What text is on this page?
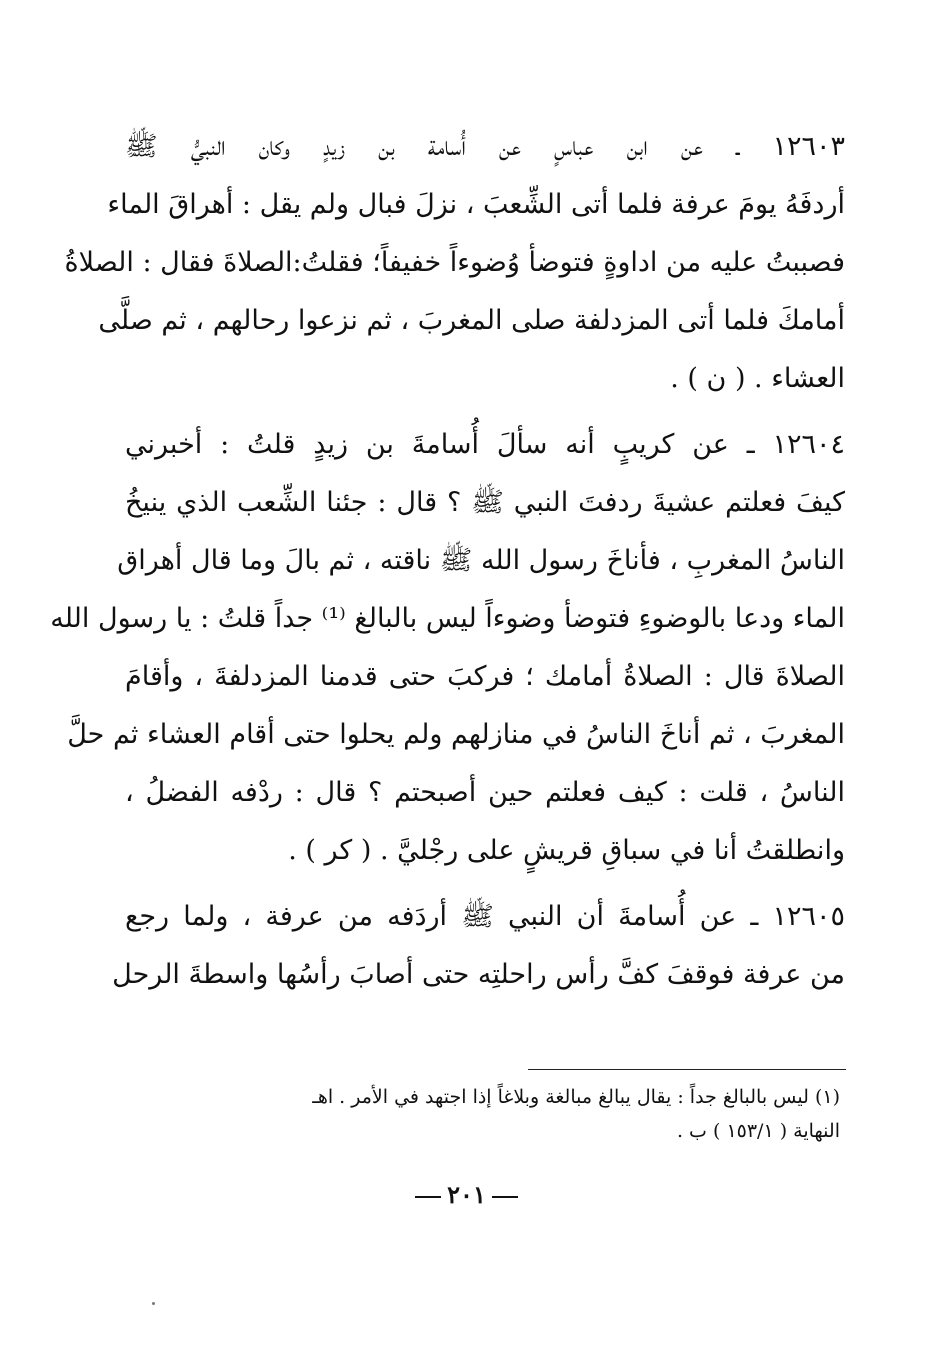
١٢٦٠٣ ـ عن ابن عباسٍ عن أُسامة بن زيدٍ وكان النبيُّ ﷺ
أردفَهُ يومَ عرفة فلما أتى الشِّعبَ ، نزلَ فبال ولم يقل : أهراقَ الماء
فصببتُ عليه من اداوةٍ فتوضأ وُضوءاً خفيفاً؛ فقلتُ:الصلاةَ فقال : الصلاةُ
أمامكَ فلما أتى المزدلفة صلى المغربَ ، ثم نزعوا رحالهم ، ثم صلَّى
العشاء . ( ن ) .
١٢٦٠٤ ـ عن كريبٍ أنه سألَ أُسامةَ بن زيدٍ قلتُ : أخبرني
كيفَ فعلتم عشيةَ ردفتَ النبي ﷺ ؟ قال : جئنا الشِّعب الذي ينيخُ
الناسُ المغربِ ، فأناخَ رسول الله ﷺ ناقته ، ثم بالَ وما قال أهراق
الماء ودعا بالوضوءِ فتوضأ وضوءاً ليس بالبالغ ⁽¹⁾ جداً قلتُ : يا رسول الله
الصلاةَ قال : الصلاةُ أمامك ؛ فركبَ حتى قدمنا المزدلفةَ ، وأقامَ
المغربَ ، ثم أناخَ الناسُ في منازلهم ولم يحلوا حتى أقام العشاء ثم حلَّ
الناسُ ، قلت : كيف فعلتم حين أصبحتم ؟ قال : ردْفه الفضلُ ،
وانطلقتُ أنا في سباقِ قريشٍ على رجْليَّ . ( كر ) .
١٢٦٠٥ ـ عن أُسامةَ أن النبي ﷺ أردَفه من عرفة ، ولما رجع
من عرفة فوقفَ كفَّ رأس راحلتِه حتى أصابَ رأسُها واسطةَ الرحل
(١) ليس بالبالغ جداً : يقال يبالغ مبالغة وبلاغاً إذا اجتهد في الأمر . اهـ
النهاية ( ١٥٣/١ ) ب .
٢٠١
